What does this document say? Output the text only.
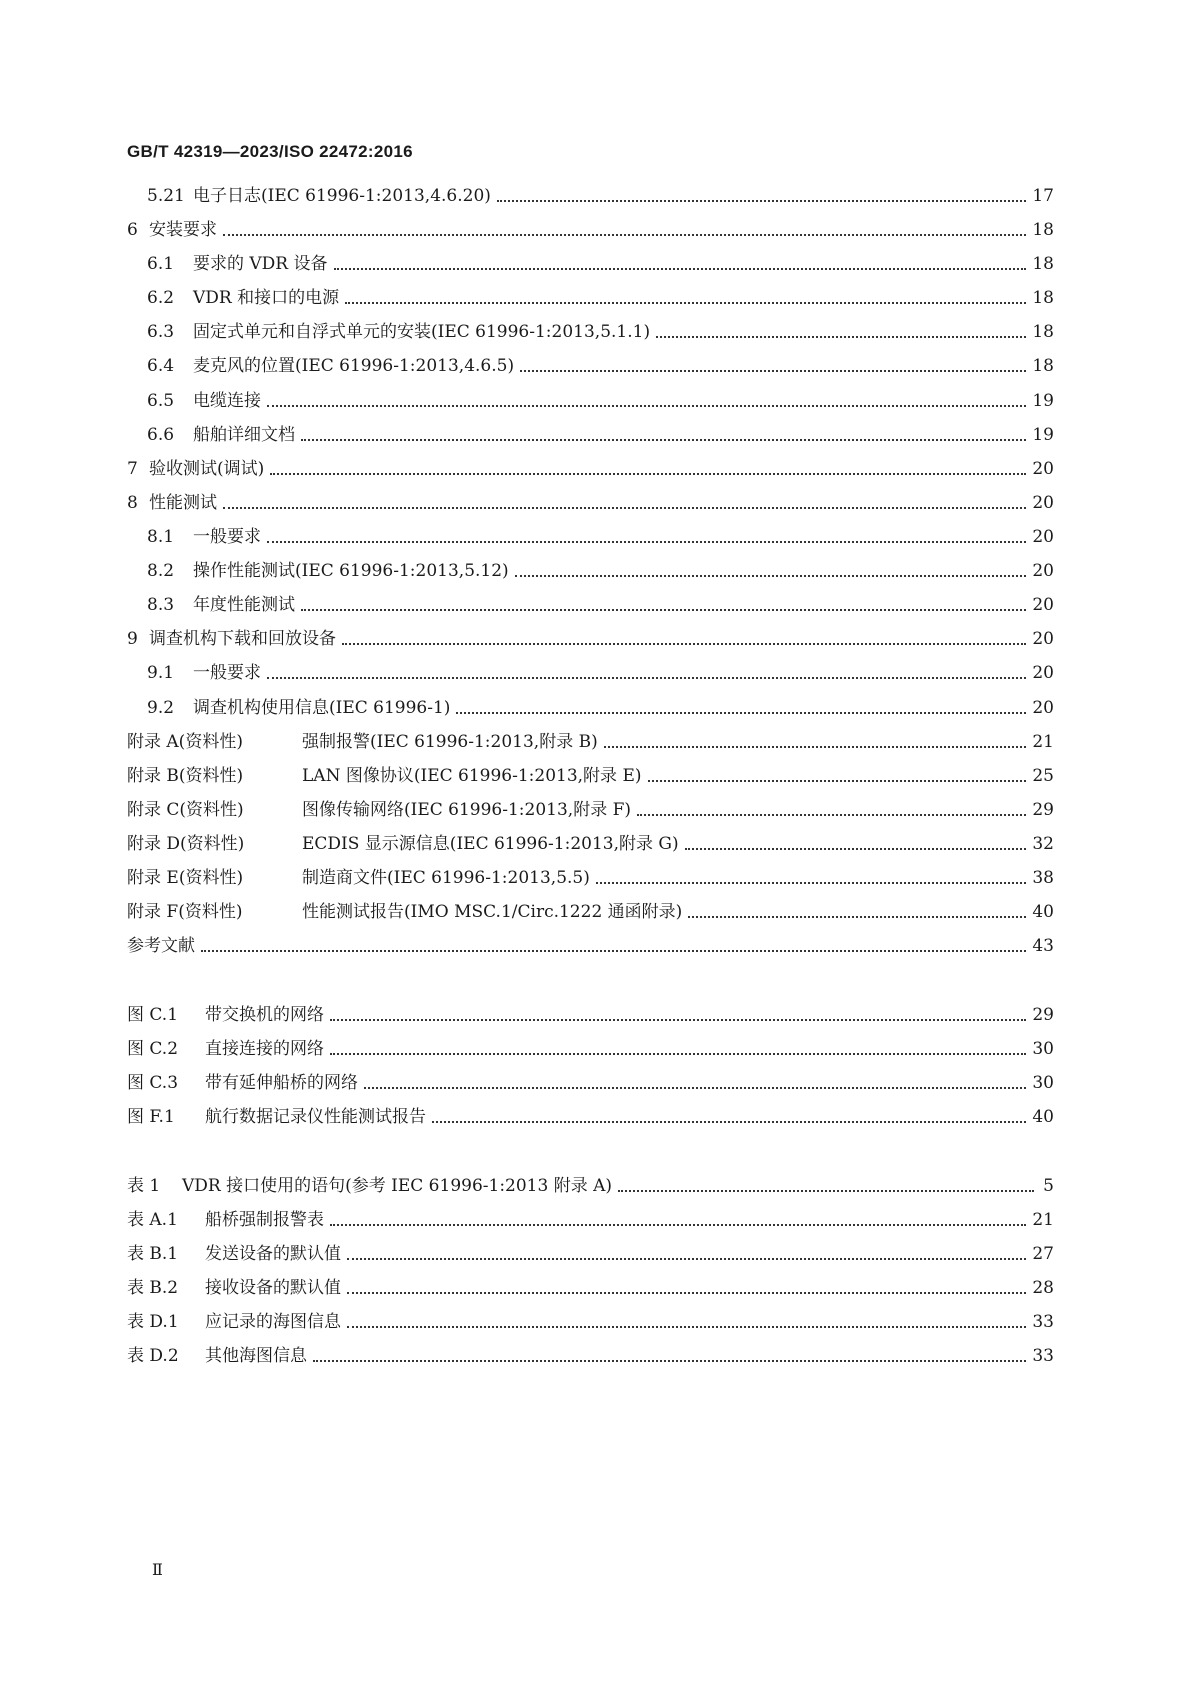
GB/T 42319—2023/ISO 22472:2016
5.21 电子日志(IEC 61996-1:2013,4.6.20)	17
6 安装要求	18
6.1	要求的 VDR 设备	18
6.2	VDR 和接口的电源	18
6.3	固定式单元和自浮式单元的安装(IEC 61996-1:2013,5.1.1)	18
6.4	麦克风的位置(IEC 61996-1:2013,4.6.5)	18
6.5	电缆连接	19
6.6	船舶详细文档	19
7 验收测试(调试)	20
8 性能测试	20
8.1	一般要求	20
8.2	操作性能测试(IEC 61996-1:2013,5.12)	20
8.3	年度性能测试	20
9 调查机构下载和回放设备	20
9.1	一般要求	20
9.2	调查机构使用信息(IEC 61996-1)	20
附录 A(资料性)	强制报警(IEC 61996-1:2013,附录 B)	21
附录 B(资料性)	LAN 图像协议(IEC 61996-1:2013,附录 E)	25
附录 C(资料性)	图像传输网络(IEC 61996-1:2013,附录 F)	29
附录 D(资料性)	ECDIS 显示源信息(IEC 61996-1:2013,附录 G)	32
附录 E(资料性)	制造商文件(IEC 61996-1:2013,5.5)	38
附录 F(资料性)	性能测试报告(IMO MSC.1/Circ.1222 通函附录)	40
参考文献	43
图 C.1	带交换机的网络	29
图 C.2	直接连接的网络	30
图 C.3	带有延伸船桥的网络	30
图 F.1	航行数据记录仪性能测试报告	40
表 1	VDR 接口使用的语句(参考 IEC 61996-1:2013 附录 A)	5
表 A.1	船桥强制报警表	21
表 B.1	发送设备的默认值	27
表 B.2	接收设备的默认值	28
表 D.1	应记录的海图信息	33
表 D.2	其他海图信息	33
Ⅱ
